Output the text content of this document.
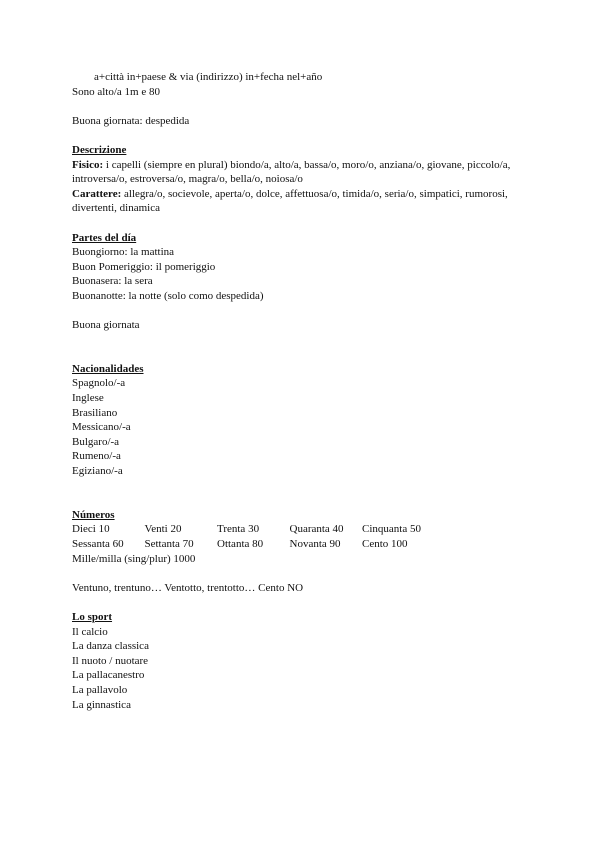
a+città in+paese & via (indirizzo) in+fecha nel+año
Sono alto/a 1m e 80
Buona giornata: despedida
Descrizione
Fisico: i capelli (siempre en plural) biondo/a, alto/a, bassa/o, moro/o, anziana/o, giovane, piccolo/a, introversa/o, estroversa/o, magra/o, bella/o, noiosa/o
Carattere: allegra/o, socievole, aperta/o, dolce, affettuosa/o, timida/o, seria/o, simpatici, rumorosi, divertenti, dinamica
Partes del día
Buongiorno: la mattina
Buon Pomeriggio: il pomeriggio
Buonasera: la sera
Buonanotte: la notte (solo como despedida)
Buona giornata
Nacionalidades
Spagnolo/-a
Inglese
Brasiliano
Messicano/-a
Bulgaro/-a
Rumeno/-a
Egiziano/-a
Números
Dieci 10	Venti 20	Trenta 30	Quaranta 40	Cinquanta 50
Sessanta 60	Settanta 70	Ottanta 80	Novanta 90	Cento 100
Mille/milla (sing/plur) 1000
Ventuno, trentuno… Ventotto, trentotto… Cento NO
Lo sport
Il calcio
La danza classica
Il nuoto / nuotare
La pallacanestro
La pallavolo
La ginnastica
